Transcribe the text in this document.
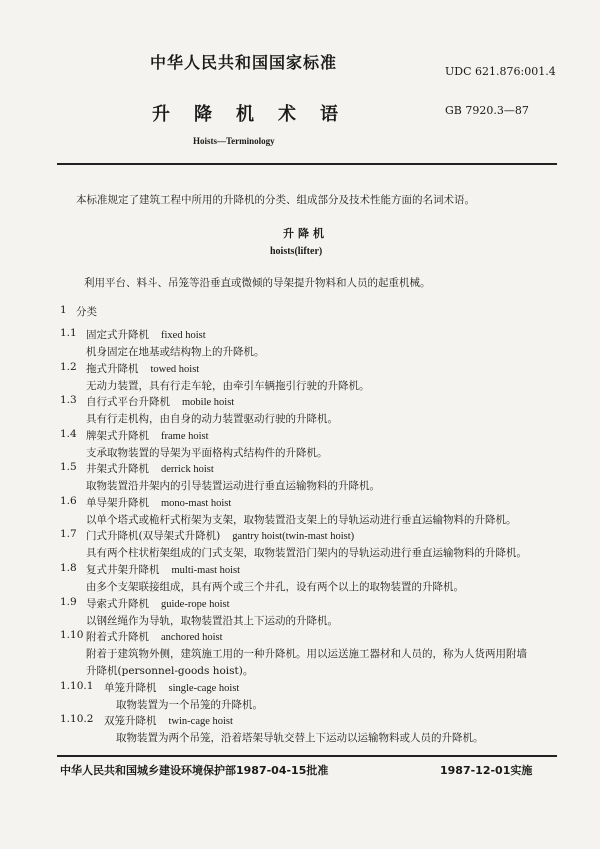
中华人民共和国国家标准	UDC 621.876:001.4
升降机术语	GB 7920.3—87
Hoists—Terminology
本标准规定了建筑工程中所用的升降机的分类、组成部分及技术性能方面的名词术语。
升降机
hoists(lifter)
利用平台、料斗、吊笼等沿垂直或微倾的导架提升物料和人员的起重机械。
1 分类
1.1 固定式升降机 fixed hoist
机身固定在地基或结构物上的升降机。
1.2 拖式升降机 towed hoist
无动力装置，具有行走车轮，由牵引车辆拖引行驶的升降机。
1.3 自行式平台升降机 mobile hoist
具有行走机构，由自身的动力装置驱动行驶的升降机。
1.4 牌架式升降机 frame hoist
支承取物装置的导架为平面格构式结构件的升降机。
1.5 井架式升降机 derrick hoist
取物装置沿井架内的引导装置运动进行垂直运输物料的升降机。
1.6 单导架升降机 mono-mast hoist
以单个塔式或桅杆式桁架为支架，取物装置沿支架上的导轨运动进行垂直运输物料的升降机。
1.7 门式升降机(双导架式升降机) gantry hoist(twin-mast hoist)
具有两个柱状桁架组成的门式支架，取物装置沿门架内的导轨运动进行垂直运输物料的升降机。
1.8 复式井架升降机 multi-mast hoist
由多个支架联接组成，具有两个或三个井孔，设有两个以上的取物装置的升降机。
1.9 导索式升降机 guide-rope hoist
以钢丝绳作为导轨，取物装置沿其上下运动的升降机。
1.10 附着式升降机 anchored hoist
附着于建筑物外侧，建筑施工用的一种升降机。用以运送施工器材和人员的，称为人货两用附墙
升降机(personnel-goods hoist)。
1.10.1 单笼升降机 single-cage hoist
取物装置为一个吊笼的升降机。
1.10.2 双笼升降机 twin-cage hoist
取物装置为两个吊笼，沿着塔架导轨交替上下运动以运输物料或人员的升降机。
中华人民共和国城乡建设环境保护部1987-04-15批准	1987-12-01实施
